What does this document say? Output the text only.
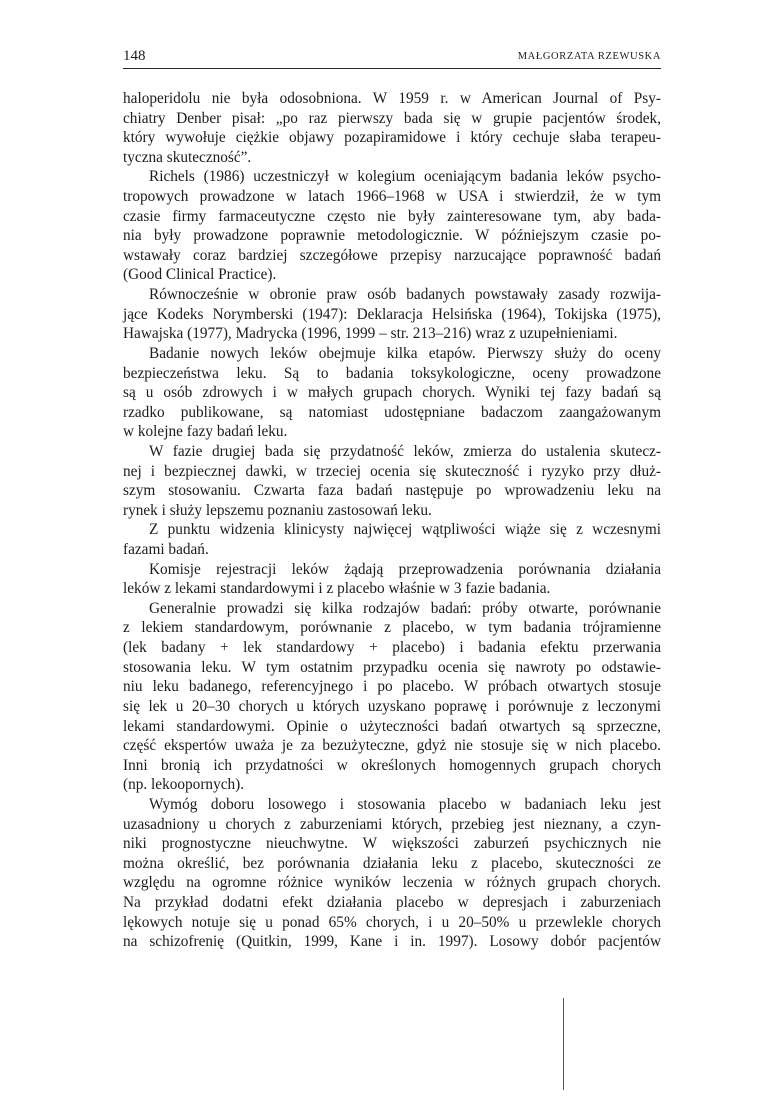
148	MAŁGORZATA RZEWUSKA
haloperidolu nie była odosobniona. W 1959 r. w American Journal of Psy-
chiatry Denber pisał: „po raz pierwszy bada się w grupie pacjentów środek,
który wywołuje ciężkie objawy pozapiramidowe i który cechuje słaba terapeu-
tyczna skuteczność”.
Richels (1986) uczestniczył w kolegium oceniającym badania leków psycho-
tropowych prowadzone w latach 1966–1968 w USA i stwierdził, że w tym
czasie firmy farmaceutyczne często nie były zainteresowane tym, aby bada-
nia były prowadzone poprawnie metodologicznie. W późniejszym czasie po-
wstawały coraz bardziej szczegółowe przepisy narzucające poprawność badań
(Good Clinical Practice).
Równocześnie w obronie praw osób badanych powstawały zasady rozwija-
jące Kodeks Norymberski (1947): Deklaracja Helsińska (1964), Tokijska (1975),
Hawajska (1977), Madrycka (1996, 1999 – str. 213–216) wraz z uzupełnieniami.
Badanie nowych leków obejmuje kilka etapów. Pierwszy służy do oceny
bezpieczeństwa leku. Są to badania toksykologiczne, oceny prowadzone
są u osób zdrowych i w małych grupach chorych. Wyniki tej fazy badań są
rzadko publikowane, są natomiast udostępniane badaczom zaangażowanym
w kolejne fazy badań leku.
W fazie drugiej bada się przydatność leków, zmierza do ustalenia skutecz-
nej i bezpiecznej dawki, w trzeciej ocenia się skuteczność i ryzyko przy dłuż-
szym stosowaniu. Czwarta faza badań następuje po wprowadzeniu leku na
rynek i służy lepszemu poznaniu zastosowań leku.
Z punktu widzenia klinicysty najwięcej wątpliwości wiąże się z wczesnymi
fazami badań.
Komisje rejestracji leków żądają przeprowadzenia porównania działania
leków z lekami standardowymi i z placebo właśnie w 3 fazie badania.
Generalnie prowadzi się kilka rodzajów badań: próby otwarte, porównanie
z lekiem standardowym, porównanie z placebo, w tym badania trójramienne
(lek badany + lek standardowy + placebo) i badania efektu przerwania
stosowania leku. W tym ostatnim przypadku ocenia się nawroty po odstawie-
niu leku badanego, referencyjnego i po placebo. W próbach otwartych stosuje
się lek u 20–30 chorych u których uzyskano poprawę i porównuje z leczonymi
lekami standardowymi. Opinie o użyteczności badań otwartych są sprzeczne,
część ekspertów uważa je za bezużyteczne, gdyż nie stosuje się w nich placebo.
Inni bronią ich przydatności w określonych homogennych grupach chorych
(np. lekoopornych).
Wymóg doboru losowego i stosowania placebo w badaniach leku jest
uzasadniony u chorych z zaburzeniami których, przebieg jest nieznany, a czyn-
niki prognostyczne nieuchwytne. W większości zaburzeń psychicznych nie
można określić, bez porównania działania leku z placebo, skuteczności ze
względu na ogromne różnice wyników leczenia w różnych grupach chorych.
Na przykład dodatni efekt działania placebo w depresjach i zaburzeniach
lękowych notuje się u ponad 65% chorych, i u 20–50% u przewlekle chorych
na schizofrenię (Quitkin, 1999, Kane i in. 1997). Losowy dobór pacjentów
